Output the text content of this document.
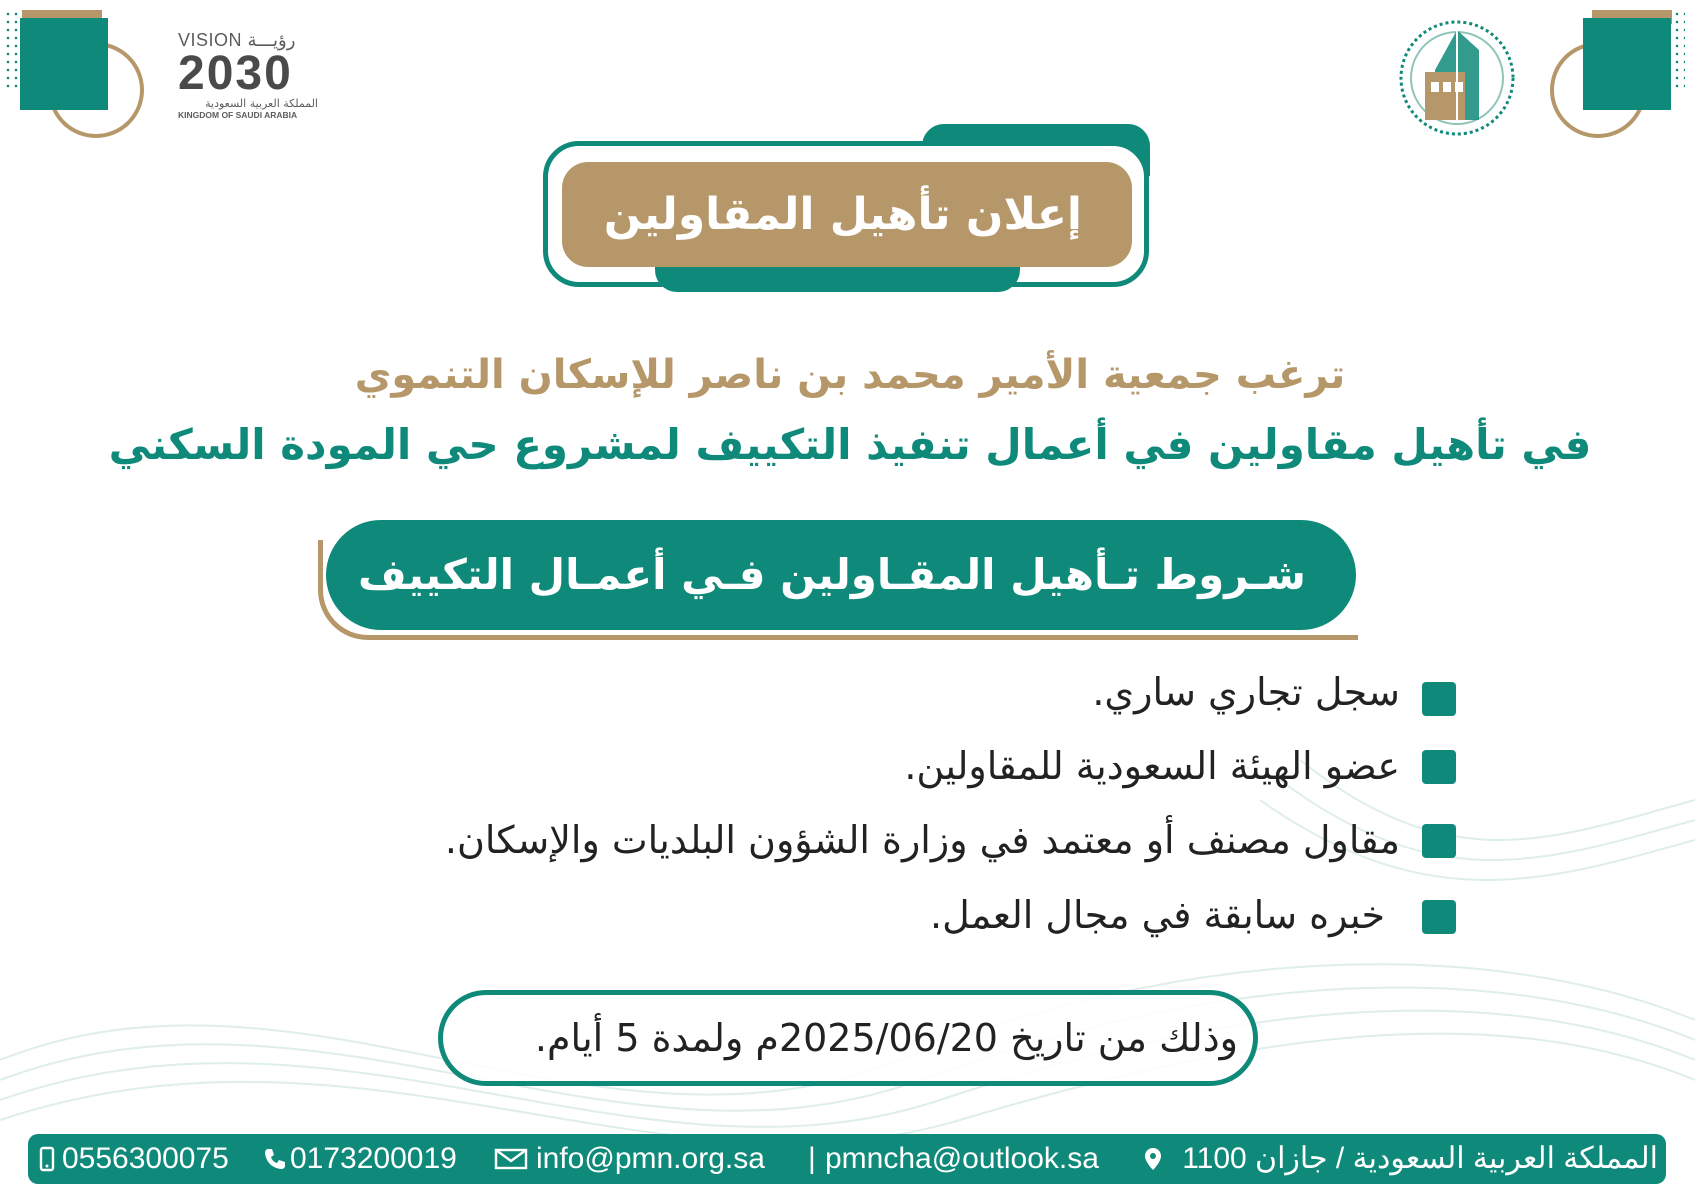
VISION رؤيـــة
2030
المملكة العربية السعودية
KINGDOM OF SAUDI ARABIA
إعلان تأهيل المقاولين
ترغب جمعية الأمير محمد بن ناصر للإسكان التنموي
في تأهيل مقاولين في أعمال تنفيذ التكييف لمشروع حي المودة السكني
شـروط تـأهيل المقـاولين فـي أعمـال التكييف
سجل تجاري ساري.
عضو الهيئة السعودية للمقاولين.
مقاول مصنف أو معتمد في وزارة الشؤون البلديات والإسكان.
خبره سابقة في مجال العمل.
وذلك من تاريخ 2025/06/20م ولمدة 5 أيام.
0556300075 0173200019	info@pmn.org.sa | pmncha@outlook.sa	المملكة العربية السعودية / جازان 1100
